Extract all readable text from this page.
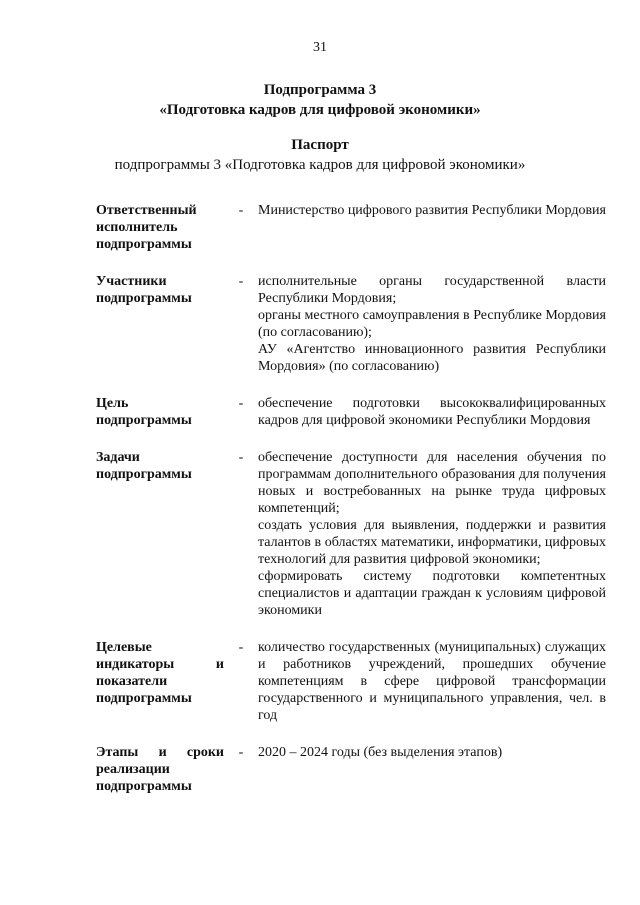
31
Подпрограмма 3
«Подготовка кадров для цифровой экономики»
Паспорт
подпрограммы 3 «Подготовка кадров для цифровой экономики»
Ответственный
исполнитель
подпрограммы
-	Министерство цифрового развития Республики Мордовия

Участники
подпрограммы
-	исполнительные органы государственной власти Республики Мордовия;

органы местного самоуправления в Республике Мордовия (по согласованию);

АУ «Агентство инновационного развития Республики Мордовия» (по согласованию)

Цель
подпрограммы
-	обеспечение подготовки высококвалифицированных кадров для цифровой экономики Республики Мордовия

Задачи
подпрограммы
-	обеспечение доступности для населения обучения по программам дополнительного образования для получения новых и востребованных на рынке труда цифровых компетенций;

создать условия для выявления, поддержки и развития талантов в областях математики, информатики, цифровых технологий для развития цифровой экономики;

сформировать систему подготовки компетентных специалистов и адаптации граждан к условиям цифровой экономики

Целевые
индикаторы и
показатели
подпрограммы
-	количество государственных (муниципальных) служащих и работников учреждений, прошедших обучение компетенциям в сфере цифровой трансформации государственного и муниципального управления, чел. в год

Этапы и сроки
реализации
подпрограммы
-	2020 – 2024 годы (без выделения этапов)
